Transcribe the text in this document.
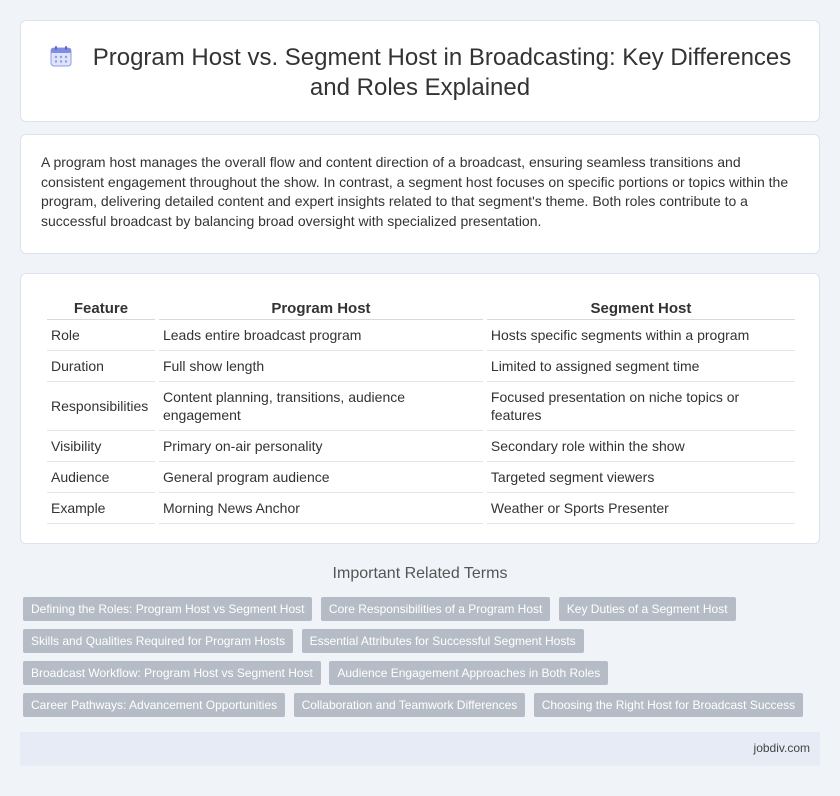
Program Host vs. Segment Host in Broadcasting: Key Differences and Roles Explained

A program host manages the overall flow and content direction of a broadcast, ensuring seamless transitions and consistent engagement throughout the show. In contrast, a segment host focuses on specific portions or topics within the program, delivering detailed content and expert insights related to that segment's theme. Both roles contribute to a successful broadcast by balancing broad oversight with specialized presentation.

Feature	Program Host	Segment Host
Role	Leads entire broadcast program	Hosts specific segments within a program
Duration	Full show length	Limited to assigned segment time
Responsibilities	Content planning, transitions, audience engagement	Focused presentation on niche topics or features
Visibility	Primary on-air personality	Secondary role within the show
Audience	General program audience	Targeted segment viewers
Example	Morning News Anchor	Weather or Sports Presenter
Important Related Terms
Defining the Roles: Program Host vs Segment Host Core Responsibilities of a Program Host Key Duties of a Segment Host
Skills and Qualities Required for Program Hosts Essential Attributes for Successful Segment Hosts
Broadcast Workflow: Program Host vs Segment Host Audience Engagement Approaches in Both Roles
Career Pathways: Advancement Opportunities Collaboration and Teamwork Differences Choosing the Right Host for Broadcast Success
jobdiv.com
